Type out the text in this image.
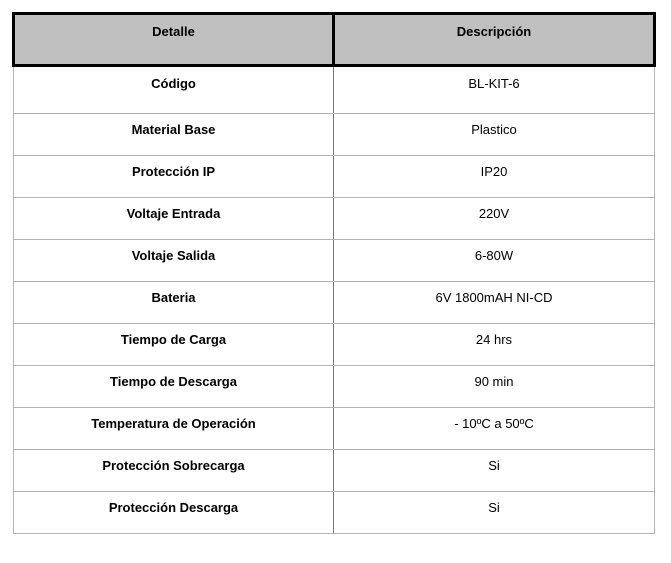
Detalle	Descripción
Código	BL-KIT-6
Material Base	Plastico
Protección IP	IP20
Voltaje Entrada	220V
Voltaje Salida	6-80W
Bateria	6V 1800mAH NI-CD
Tiempo de Carga	24 hrs
Tiempo de Descarga	90 min
Temperatura de Operación	- 10ºC a 50ºC
Protección Sobrecarga	Si
Protección Descarga	Si
